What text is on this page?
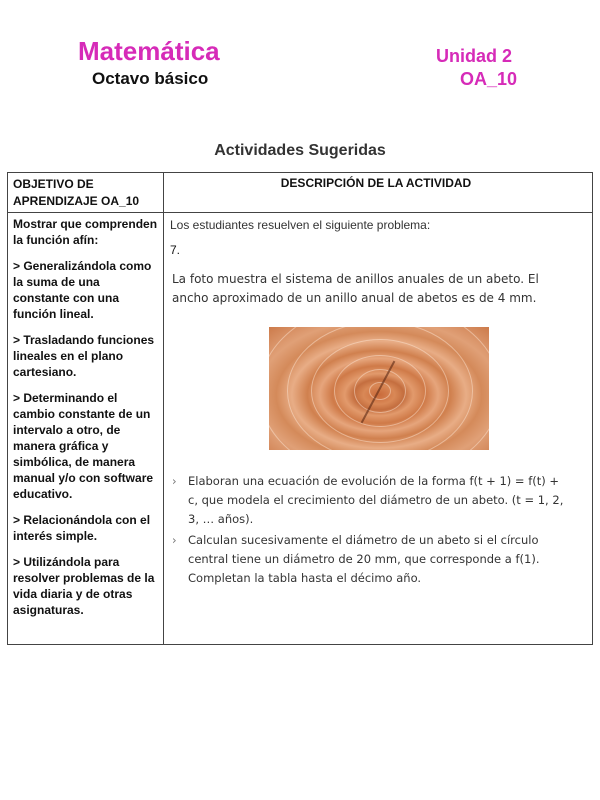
Matemática
Octavo básico
Unidad 2
OA_10
Actividades Sugeridas
OBJETIVO DE APRENDIZAJE OA_10
DESCRIPCIÓN DE LA ACTIVIDAD
Mostrar que comprenden la función afín:
> Generalizándola como la suma de una constante con una función lineal.
> Trasladando funciones lineales en el plano cartesiano.
> Determinando el cambio constante de un intervalo a otro, de manera gráfica y simbólica, de manera manual y/o con software educativo.
> Relacionándola con el interés simple.
> Utilizándola para resolver problemas de la vida diaria y de otras asignaturas.
Los estudiantes resuelven el siguiente problema:
7.
La foto muestra el sistema de anillos anuales de un abeto. El ancho aproximado de un anillo anual de abetos es de 4 mm.
› Elaboran una ecuación de evolución de la forma f(t + 1) = f(t) + c, que modela el crecimiento del diámetro de un abeto. (t = 1, 2, 3, … años).
› Calculan sucesivamente el diámetro de un abeto si el círculo central tiene un diámetro de 20 mm, que corresponde a f(1). Completan la tabla hasta el décimo año.
